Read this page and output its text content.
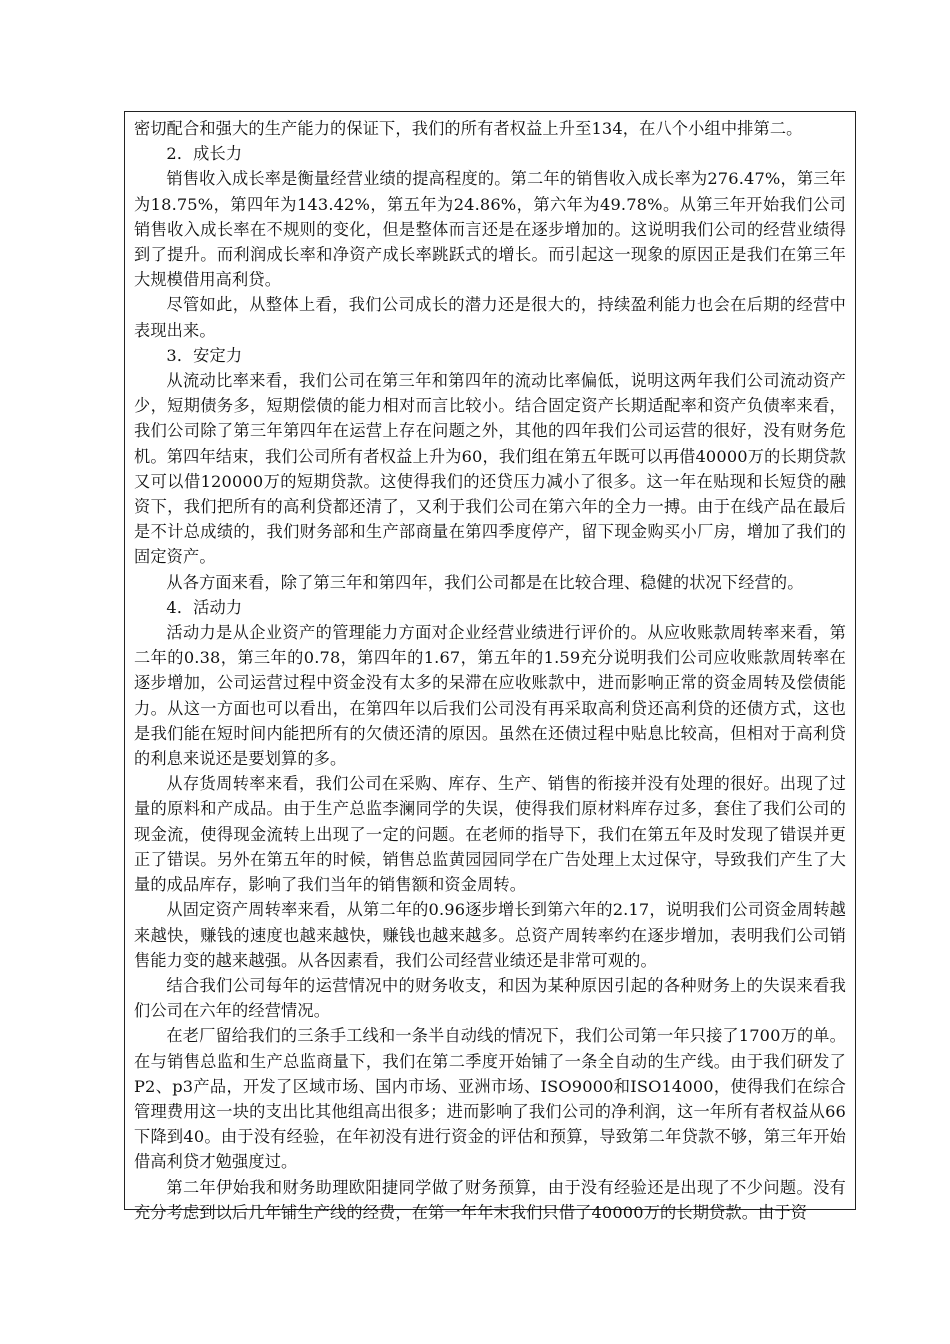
密切配合和强大的生产能力的保证下，我们的所有者权益上升至134，在八个小组中排第二。

2．成长力

销售收入成长率是衡量经营业绩的提高程度的。第二年的销售收入成长率为276.47%，第三年为18.75%，第四年为143.42%，第五年为24.86%，第六年为49.78%。从第三年开始我们公司销售收入成长率在不规则的变化，但是整体而言还是在逐步增加的。这说明我们公司的经营业绩得到了提升。而利润成长率和净资产成长率跳跃式的增长。而引起这一现象的原因正是我们在第三年大规模借用高利贷。

尽管如此，从整体上看，我们公司成长的潜力还是很大的，持续盈利能力也会在后期的经营中表现出来。

3．安定力

从流动比率来看，我们公司在第三年和第四年的流动比率偏低，说明这两年我们公司流动资产少，短期债务多，短期偿债的能力相对而言比较小。结合固定资产长期适配率和资产负债率来看，我们公司除了第三年第四年在运营上存在问题之外，其他的四年我们公司运营的很好，没有财务危机。第四年结束，我们公司所有者权益上升为60，我们组在第五年既可以再借40000万的长期贷款又可以借120000万的短期贷款。这使得我们的还贷压力减小了很多。这一年在贴现和长短贷的融资下，我们把所有的高利贷都还清了，又利于我们公司在第六年的全力一搏。由于在线产品在最后是不计总成绩的，我们财务部和生产部商量在第四季度停产，留下现金购买小厂房，增加了我们的固定资产。

从各方面来看，除了第三年和第四年，我们公司都是在比较合理、稳健的状况下经营的。

4．活动力

活动力是从企业资产的管理能力方面对企业经营业绩进行评价的。从应收账款周转率来看，第二年的0.38，第三年的0.78，第四年的1.67，第五年的1.59充分说明我们公司应收账款周转率在逐步增加，公司运营过程中资金没有太多的呆滞在应收账款中，进而影响正常的资金周转及偿债能力。从这一方面也可以看出，在第四年以后我们公司没有再采取高利贷还高利贷的还债方式，这也是我们能在短时间内能把所有的欠债还清的原因。虽然在还债过程中贴息比较高，但相对于高利贷的利息来说还是要划算的多。

从存货周转率来看，我们公司在采购、库存、生产、销售的衔接并没有处理的很好。出现了过量的原料和产成品。由于生产总监李澜同学的失误，使得我们原材料库存过多，套住了我们公司的现金流，使得现金流转上出现了一定的问题。在老师的指导下，我们在第五年及时发现了错误并更正了错误。另外在第五年的时候，销售总监黄园园同学在广告处理上太过保守，导致我们产生了大量的成品库存，影响了我们当年的销售额和资金周转。

从固定资产周转率来看，从第二年的0.96逐步增长到第六年的2.17，说明我们公司资金周转越来越快，赚钱的速度也越来越快，赚钱也越来越多。总资产周转率约在逐步增加，表明我们公司销售能力变的越来越强。从各因素看，我们公司经营业绩还是非常可观的。

结合我们公司每年的运营情况中的财务收支，和因为某种原因引起的各种财务上的失误来看我们公司在六年的经营情况。

在老厂留给我们的三条手工线和一条半自动线的情况下，我们公司第一年只接了1700万的单。在与销售总监和生产总监商量下，我们在第二季度开始铺了一条全自动的生产线。由于我们研发了P2、p3产品，开发了区域市场、国内市场、亚洲市场、ISO9000和ISO14000，使得我们在综合管理费用这一块的支出比其他组高出很多；进而影响了我们公司的净利润，这一年所有者权益从66下降到40。由于没有经验，在年初没有进行资金的评估和预算，导致第二年贷款不够，第三年开始借高利贷才勉强度过。

第二年伊始我和财务助理欧阳捷同学做了财务预算，由于没有经验还是出现了不少问题。没有充分考虑到以后几年铺生产线的经费，在第一年年末我们只借了40000万的长期贷款。由于资
